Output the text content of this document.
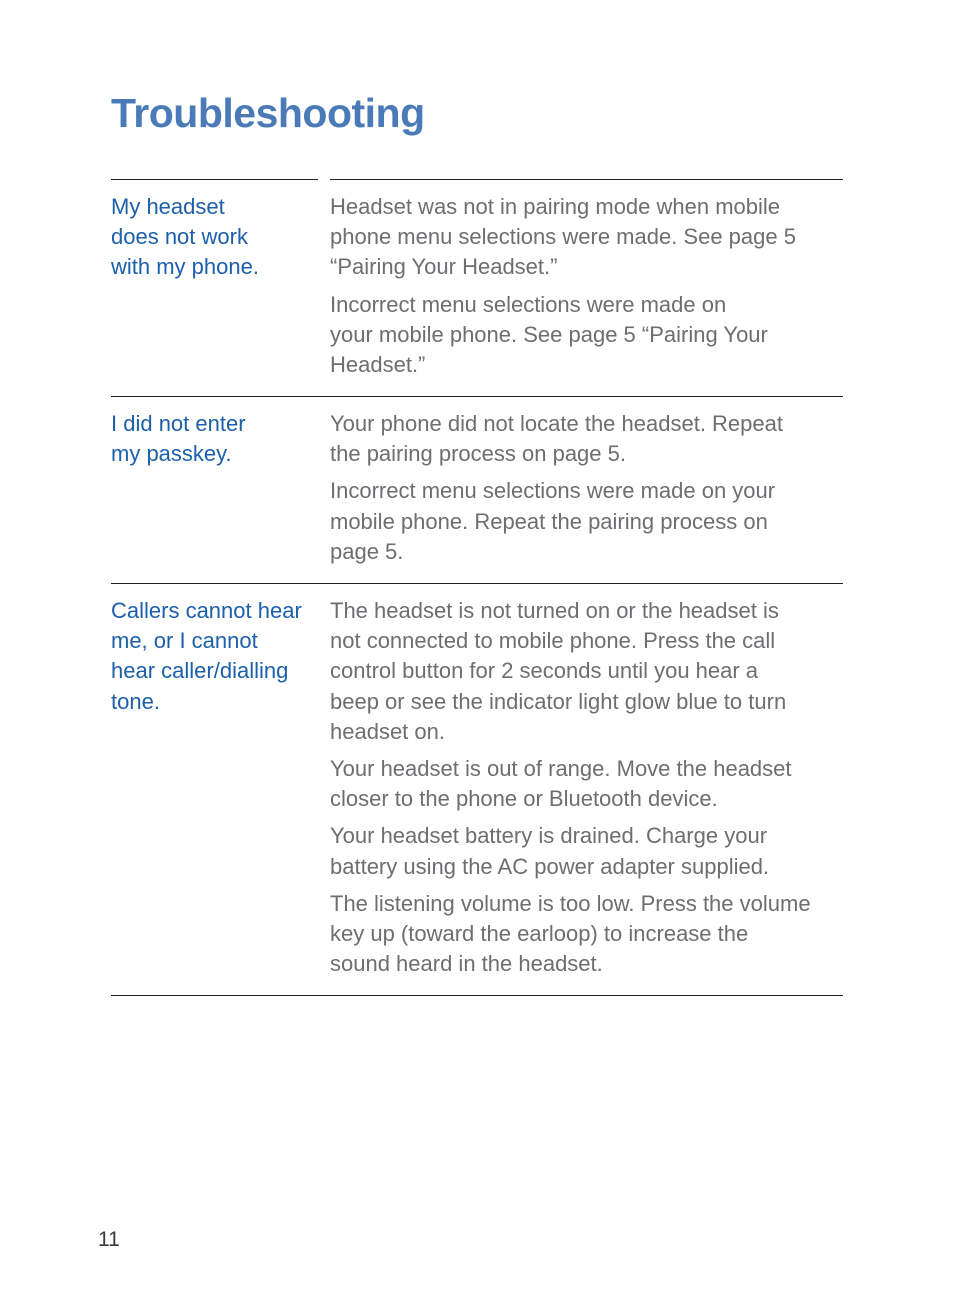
Troubleshooting
My headset
does not work
with my phone.

Headset was not in pairing mode when mobile
phone menu selections were made. See page 5
“Pairing Your Headset.”

Incorrect menu selections were made on
your mobile phone. See page 5 “Pairing Your
Headset.”

I did not enter
my passkey.

Your phone did not locate the headset. Repeat
the pairing process on page 5.

Incorrect menu selections were made on your
mobile phone. Repeat the pairing process on
page 5.

Callers cannot hear
me, or I cannot
hear caller/dialling
tone.

The headset is not turned on or the headset is
not connected to mobile phone. Press the call
control button for 2 seconds until you hear a
beep or see the indicator light glow blue to turn
headset on.

Your headset is out of range. Move the headset
closer to the phone or Bluetooth device.

Your headset battery is drained. Charge your
battery using the AC power adapter supplied.

The listening volume is too low. Press the volume
key up (toward the earloop) to increase the
sound heard in the headset.

11
